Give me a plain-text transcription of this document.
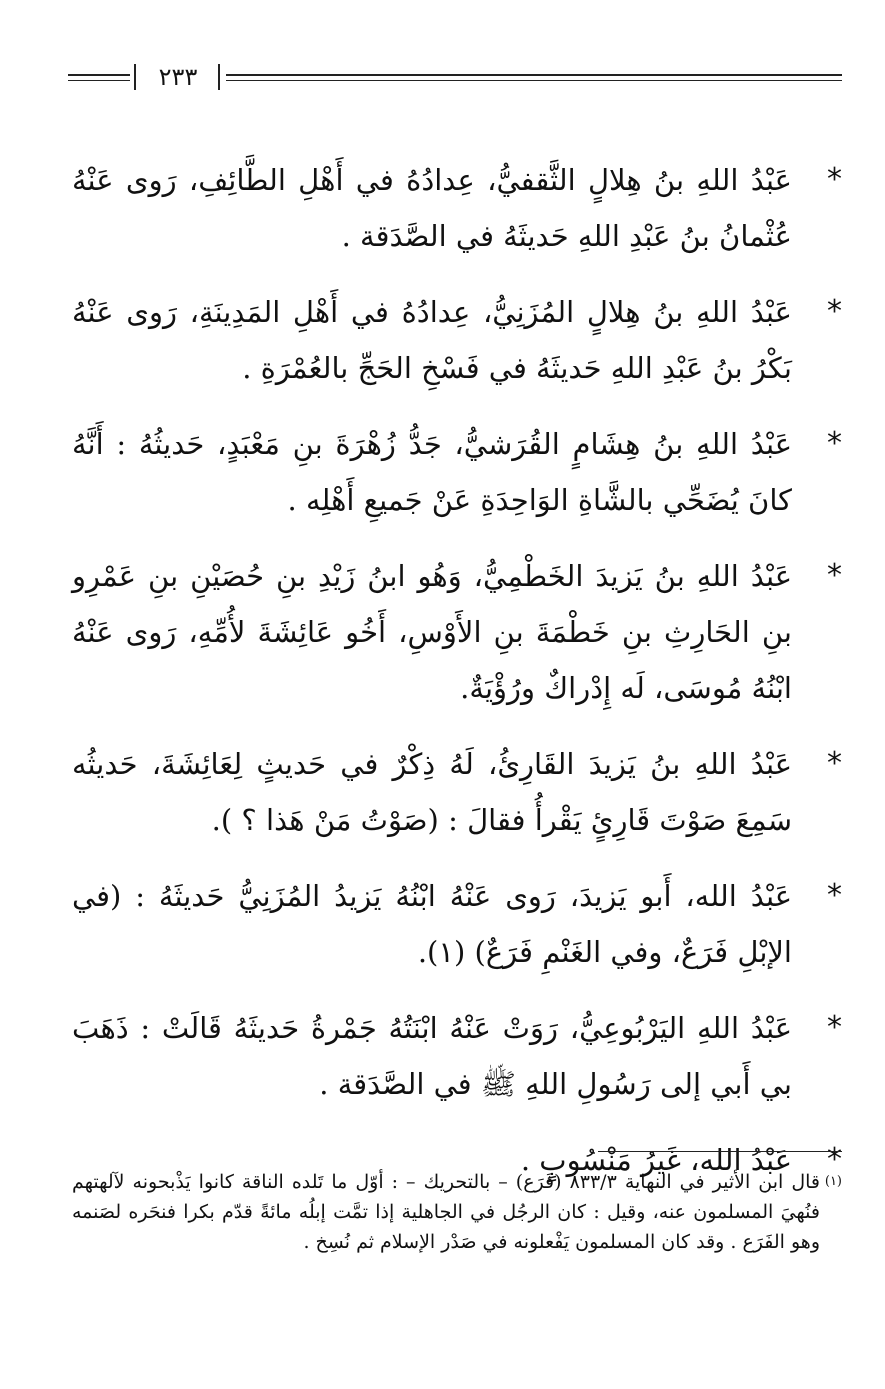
٢٣٣
*
عَبْدُ اللهِ بنُ هِلالٍ الثَّقفيُّ، عِدادُهُ في أَهْلِ الطَّائِفِ، رَوى عَنْهُ عُثْمانُ بنُ عَبْدِ اللهِ حَديثَهُ في الصَّدَقة .
*
عَبْدُ اللهِ بنُ هِلالٍ المُزَنِيُّ، عِدادُهُ في أَهْلِ المَدِينَةِ، رَوى عَنْهُ بَكْرُ بنُ عَبْدِ اللهِ حَديثَهُ في فَسْخِ الحَجِّ بالعُمْرَةِ .
*
عَبْدُ اللهِ بنُ هِشَامٍ القُرَشيُّ، جَدُّ زُهْرَةَ بنِ مَعْبَدٍ، حَديثُهُ : أَنَّهُ كانَ يُضَحِّي بالشَّاةِ الوَاحِدَةِ عَنْ جَميعِ أَهْلِه .
*
عَبْدُ اللهِ بنُ يَزيدَ الخَطْمِيُّ، وَهُو ابنُ زَيْدِ بنِ حُصَيْنِ بنِ عَمْرِو بنِ الحَارِثِ بنِ خَطْمَةَ بنِ الأَوْسِ، أَخُو عَائِشَةَ لأُمِّهِ، رَوى عَنْهُ ابْنُهُ مُوسَى، لَه إِدْراكٌ ورُؤْيَةٌ.
*
عَبْدُ اللهِ بنُ يَزيدَ القَارِئُ، لَهُ ذِكْرٌ في حَديثٍ لِعَائِشَةَ، حَديثُه سَمِعَ صَوْتَ قَارِئٍ يَقْرأُ فقالَ : (صَوْتُ مَنْ هَذا ؟ ).
*
عَبْدُ الله، أَبو يَزيدَ، رَوى عَنْهُ ابْنُهُ يَزيدُ المُزَنِيُّ حَديثَهُ : (في الإبْلِ فَرَعٌ، وفي الغَنْمِ فَرَعٌ) (١).
*
عَبْدُ اللهِ اليَرْبُوعِيُّ، رَوَتْ عَنْهُ ابْنَتُهُ جَمْرةُ حَديثَهُ قَالَتْ : ذَهَبَ بي أَبي إلى رَسُولِ اللهِ ﷺ في الصَّدَقة .
*
عَبْدُ الله، غَيرُ مَنْسُوبٍ .
(١)
قال ابن الأثير في النهاية ٨٣٣/٣ (فَرَع) – بالتحريك – : أوّل ما تَلده الناقة كانوا يَذْبحونه لآلهتهم فنُهيَ المسلمون عنه، وقيل : كان الرجُل في الجاهلية إذا تمَّت إبلُه مائةً قدّم بكرا فنحَره لصَنمه وهو الفَرَع . وقد كان المسلمون يَفْعلونه في صَدْر الإسلام ثم نُسِخ .
